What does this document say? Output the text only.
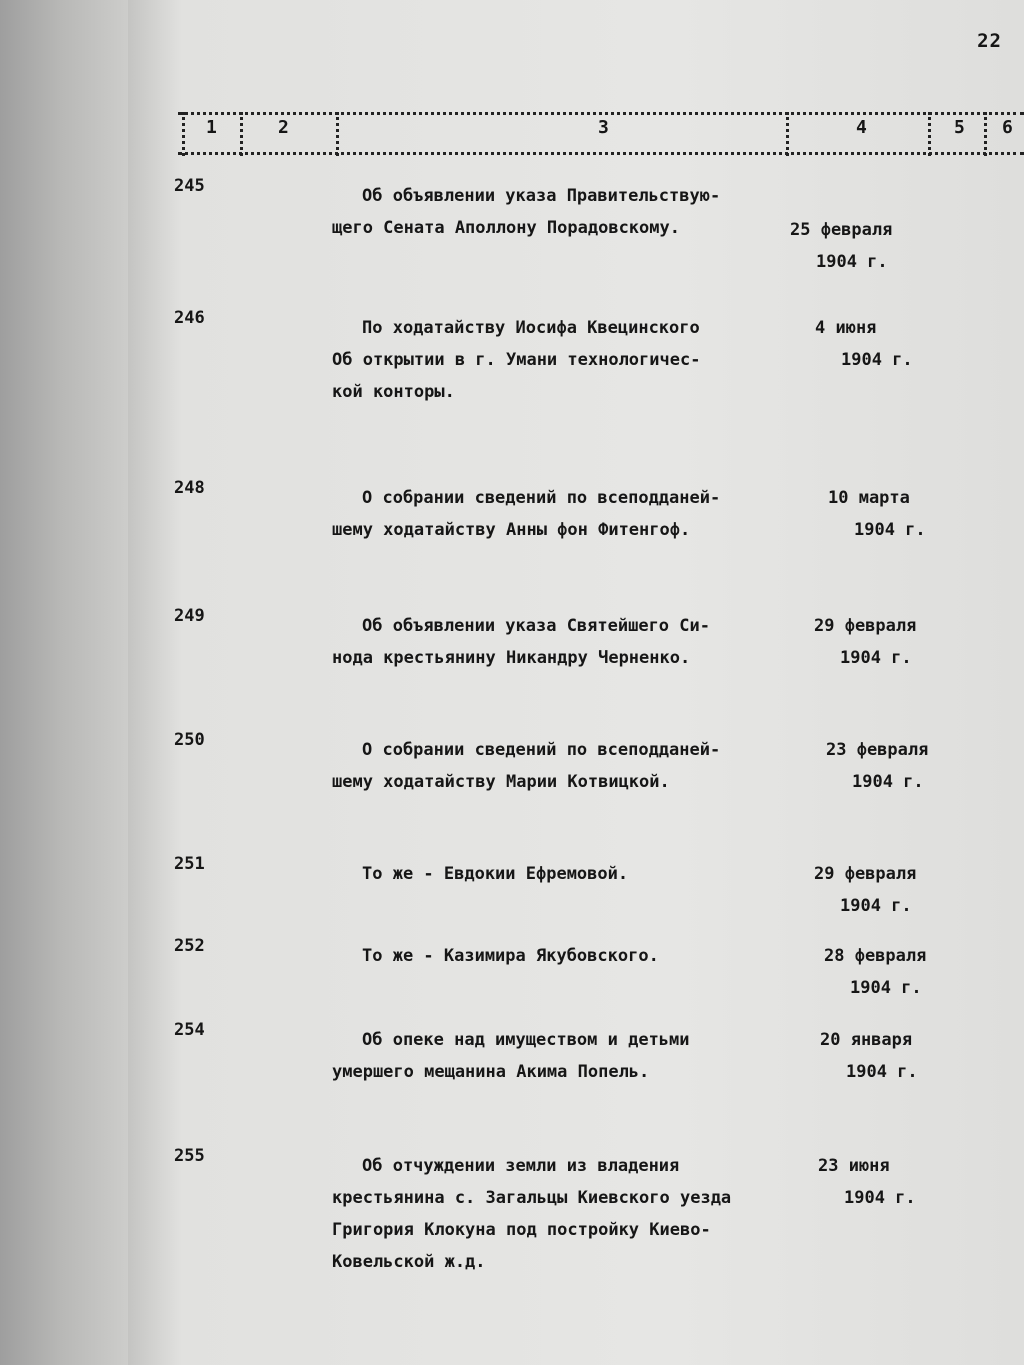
22
1	2	3	4	5 6
245	Об объявлении указа Правительствую-
щего Сената Аполлону Порадовскому.	25 февраля
1904 г.
246	По ходатайству Иосифа Квецинского
Об открытии в г. Умани технологичес-
кой конторы.
4 июня
1904 г.
248	О собрании сведений по всеподданей-
шему ходатайству Анны фон Фитенгоф.
10 марта
1904 г.
249	Об объявлении указа Святейшего Си-
нода крестьянину Никандру Черненко.
29 февраля
1904 г.
250	О собрании сведений по всеподданей-
шему ходатайству Марии Котвицкой.
23 февраля
1904 г.
251	То же - Евдокии Ефремовой.	29 февраля
1904 г.
252	То же - Казимира Якубовского.	28 февраля
1904 г.
254	Об опеке над имуществом и детьми
умершего мещанина Акима Попель.
20 января
1904 г.
255	Об отчуждении земли из владения
крестьянина с. Загальцы Киевского уезда
Григория Клокуна под постройку Киево-
Ковельской ж.д.
23 июня
1904 г.
